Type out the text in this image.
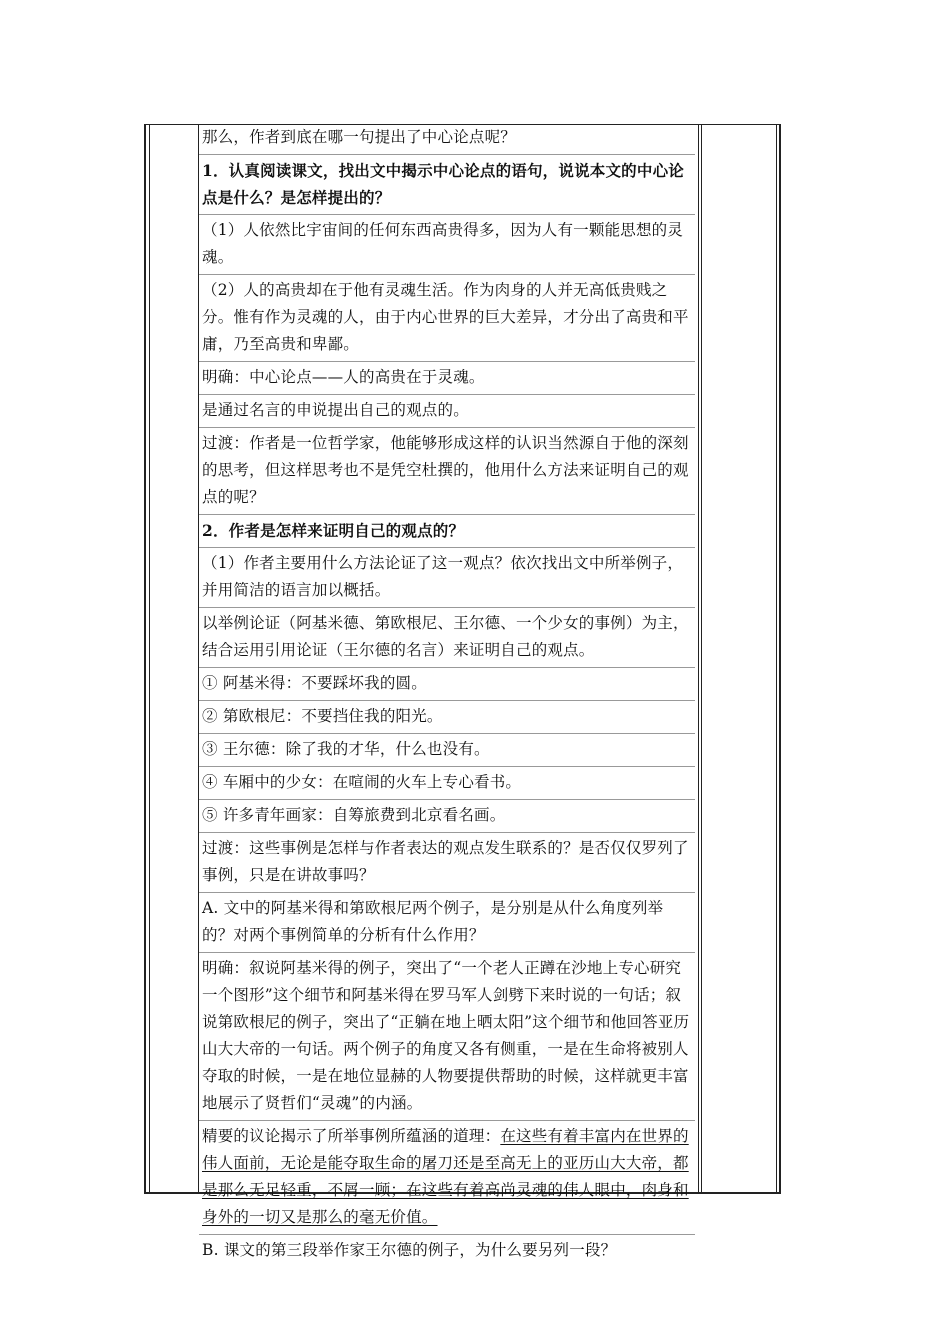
那么，作者到底在哪一句提出了中心论点呢？

1．认真阅读课文，找出文中揭示中心论点的语句，说说本文的中心论点是什么？是怎样提出的？

（1）人依然比宇宙间的任何东西高贵得多，因为人有一颗能思想的灵魂。

（2）人的高贵却在于他有灵魂生活。作为肉身的人并无高低贵贱之分。惟有作为灵魂的人，由于内心世界的巨大差异，才分出了高贵和平庸，乃至高贵和卑鄙。

明确：中心论点——人的高贵在于灵魂。

是通过名言的申说提出自己的观点的。

过渡：作者是一位哲学家，他能够形成这样的认识当然源自于他的深刻的思考，但这样思考也不是凭空杜撰的，他用什么方法来证明自己的观点的呢？

2．作者是怎样来证明自己的观点的？

（1）作者主要用什么方法论证了这一观点？依次找出文中所举例子，并用简洁的语言加以概括。

以举例论证（阿基米德、第欧根尼、王尔德、一个少女的事例）为主，结合运用引用论证（王尔德的名言）来证明自己的观点。

① 阿基米得：不要踩坏我的圆。

② 第欧根尼：不要挡住我的阳光。

③ 王尔德：除了我的才华，什么也没有。

④ 车厢中的少女：在喧闹的火车上专心看书。

⑤ 许多青年画家：自筹旅费到北京看名画。

过渡：这些事例是怎样与作者表达的观点发生联系的？是否仅仅罗列了事例，只是在讲故事吗？

A. 文中的阿基米得和第欧根尼两个例子，是分别是从什么角度列举的？对两个事例简单的分析有什么作用？

明确：叙说阿基米得的例子，突出了“一个老人正蹲在沙地上专心研究一个图形”这个细节和阿基米得在罗马军人剑劈下来时说的一句话；叙说第欧根尼的例子，突出了“正躺在地上晒太阳”这个细节和他回答亚历山大大帝的一句话。两个例子的角度又各有侧重，一是在生命将被别人夺取的时候，一是在地位显赫的人物要提供帮助的时候，这样就更丰富地展示了贤哲们“灵魂”的内涵。

精要的议论揭示了所举事例所蕴涵的道理：在这些有着丰富内在世界的伟人面前，无论是能夺取生命的屠刀还是至高无上的亚历山大大帝，都是那么无足轻重，不屑一顾；在这些有着高尚灵魂的伟人眼中，肉身和身外的一切又是那么的毫无价值。

B. 课文的第三段举作家王尔德的例子，为什么要另列一段？
